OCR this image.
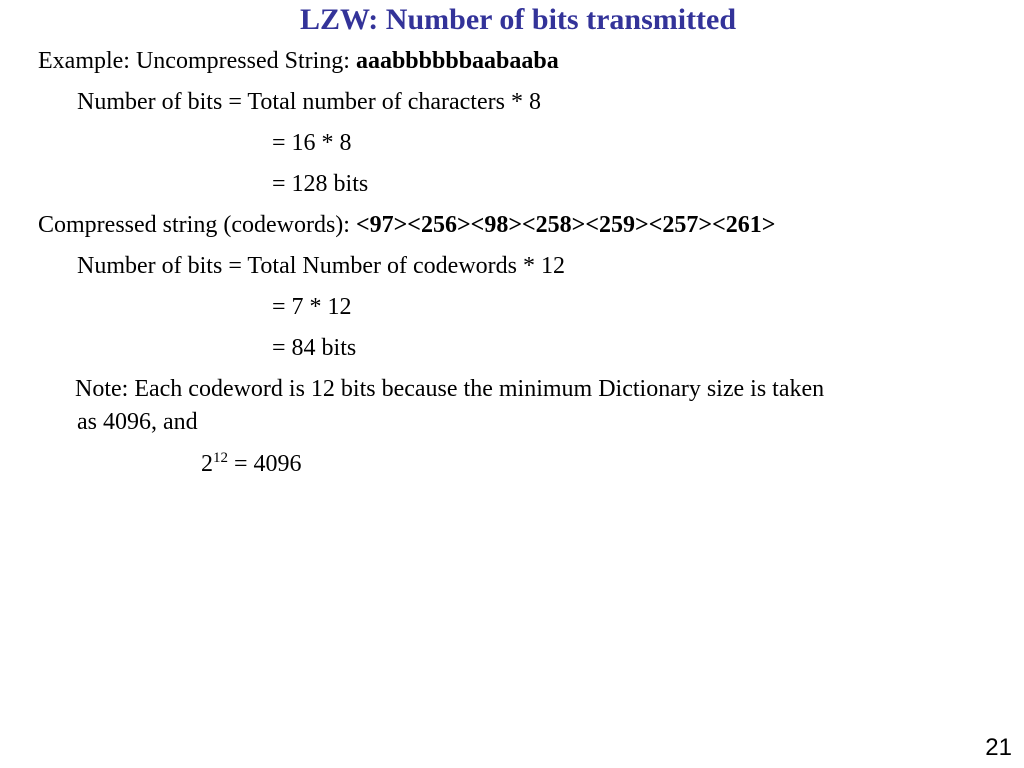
LZW: Number of bits transmitted
Example: Uncompressed String: aaabbbbbbaabaaba
Number of bits = Total number of characters * 8
= 16 * 8
= 128 bits
Compressed string (codewords): <97><256><98><258><259><257><261>
Number of bits = Total Number of codewords * 12
= 7 * 12
= 84 bits
Note: Each codeword is 12 bits because the minimum Dictionary size is taken
as 4096, and
$2^{12} = 4096$
21
